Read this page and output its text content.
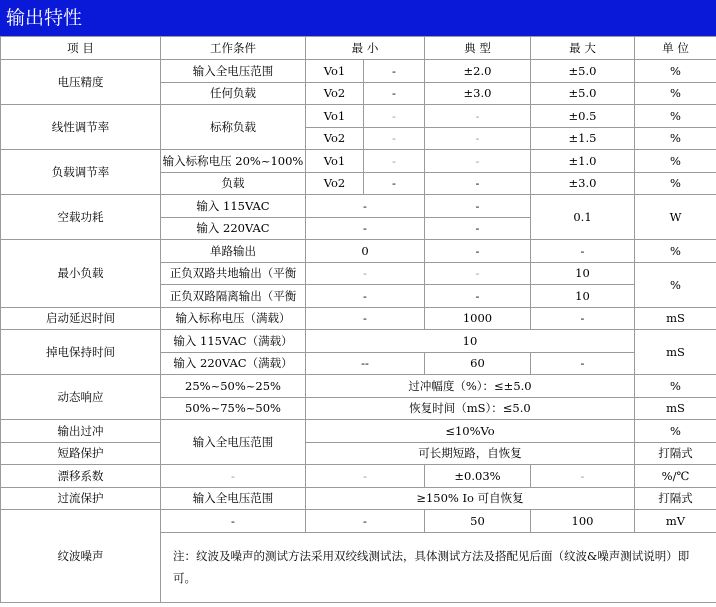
输出特性
项 目	工作条件	最 小		典 型	最 大	单 位
电压精度	输入全电压范围	Vo1	-	±2.0	±5.0	%
	任何负载	Vo2	-	±3.0	±5.0	%
线性调节率	标称负载	Vo1	-	-	±0.5	%
		Vo2	-	-	±1.5	%
负载调节率	输入标称电压 20%~100%	Vo1	-	-	±1.0	%
	负载	Vo2	-	-	±3.0	%
空载功耗	输入 115VAC	-		-	0.1	W
	输入 220VAC	-		-		
最小负载	单路输出	0		-	-	%
	正负双路共地输出（平衡	-		-	10	%
	正负双路隔离输出（平衡	-		-	10	
启动延迟时间	输入标称电压（满载）	-		1000	-	mS
掉电保持时间	输入 115VAC（满载）	10				mS
	输入 220VAC（满载）	--		60	-	
动态响应	25%~50%~25%	过冲幅度（%）：≤±5.0				%
	50%~75%~50%	恢复时间（mS）：≤5.0				mS
输出过冲	输入全电压范围	≤10%Vo				%
短路保护		可长期短路，自恢复				打隔式
漂移系数	-	-		±0.03%	-	%/℃
过流保护	输入全电压范围	≥150% Io 可自恢复				打隔式
纹波噪声	-	-		50	100	mV
	注：纹波及噪声的测试方法采用双绞线测试法，具体测试方法及搭配见后面（纹波&噪声测试说明）即可。					
